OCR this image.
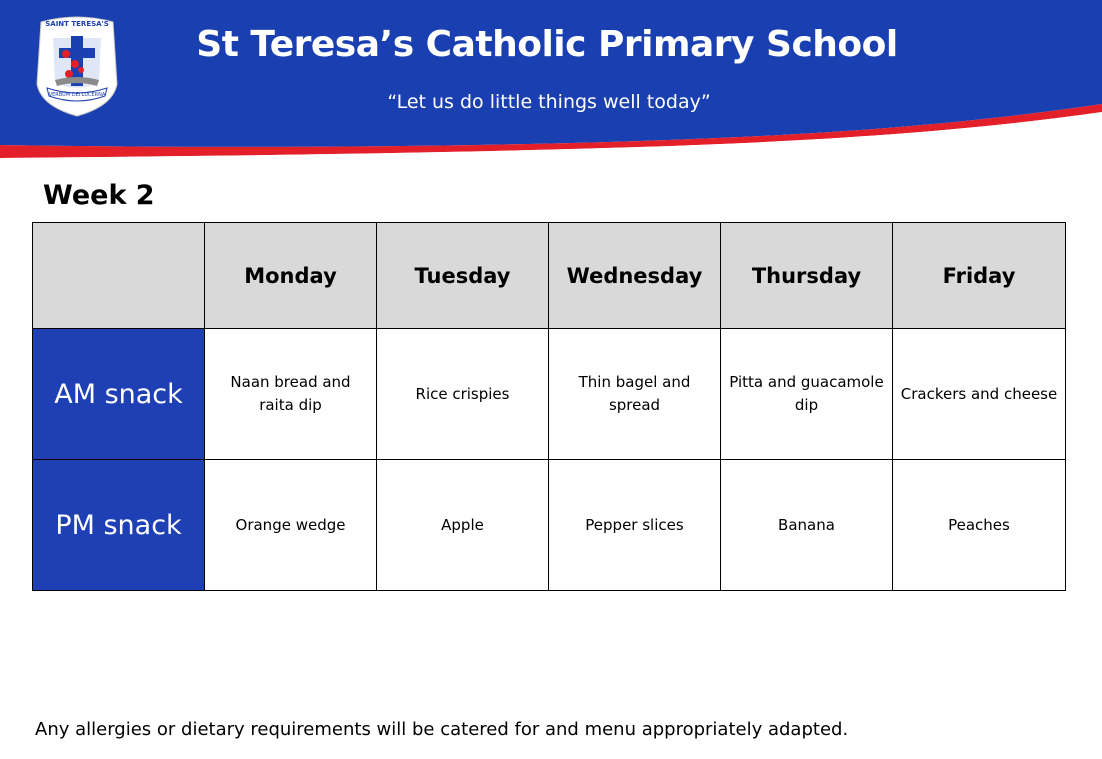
SAINT TERESA'S
VERBUM DEI LUCERNA
St Teresa’s Catholic Primary School
“Let us do little things well today”
Week 2
	Monday	Tuesday	Wednesday	Thursday	Friday
AM snack	Naan bread and raita dip	Rice crispies	Thin bagel and spread	Pitta and guacamole dip	Crackers and cheese
PM snack	Orange wedge	Apple	Pepper slices	Banana	Peaches
Any allergies or dietary requirements will be catered for and menu appropriately adapted.
